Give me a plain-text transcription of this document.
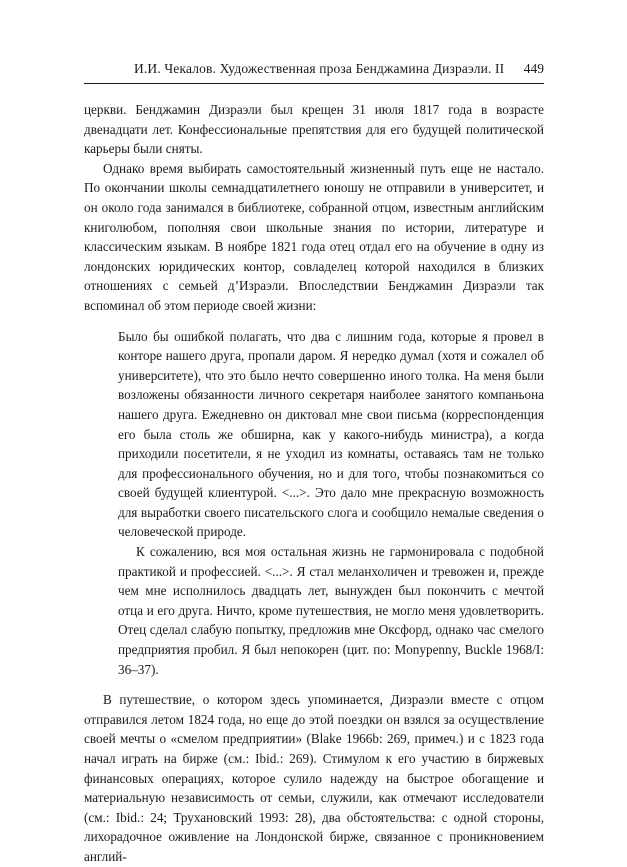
И.И. Чекалов. Художественная проза Бенджамина Дизраэли. II 449

церкви. Бенджамин Дизраэли был крещен 31 июля 1817 года в возрасте двенадцати лет. Конфессиональные препятствия для его будущей политической карьеры были сняты.

Однако время выбирать самостоятельный жизненный путь еще не настало. По окончании школы семнадцатилетнего юношу не отправили в университет, и он около года занимался в библиотеке, собранной отцом, известным английским книголюбом, пополняя свои школьные знания по истории, литературе и классическим языкам. В ноябре 1821 года отец отдал его на обучение в одну из лондонских юридических контор, совладелец которой находился в близких отношениях с семьей д’Израэли. Впоследствии Бенджамин Дизраэли так вспоминал об этом периоде своей жизни:

Было бы ошибкой полагать, что два с лишним года, которые я провел в конторе нашего друга, пропали даром. Я нередко думал (хотя и сожалел об университете), что это было нечто совершенно иного толка. На меня были возложены обязанности личного секретаря наиболее занятого компаньона нашего друга. Ежедневно он диктовал мне свои письма (корреспонденция его была столь же обширна, как у какого-нибудь министра), а когда приходили посетители, я не уходил из комнаты, оставаясь там не только для профессионального обучения, но и для того, чтобы познакомиться со своей будущей клиентурой. <...>. Это дало мне прекрасную возможность для выработки своего писательского слога и сообщило немалые сведения о человеческой природе.

К сожалению, вся моя остальная жизнь не гармонировала с подобной практикой и профессией. <...>. Я стал меланхоличен и тревожен и, прежде чем мне исполнилось двадцать лет, вынужден был покончить с мечтой отца и его друга. Ничто, кроме путешествия, не могло меня удовлетворить. Отец сделал слабую попытку, предложив мне Оксфорд, однако час смелого предприятия пробил. Я был непокорен (цит. по: Monypenny, Buckle 1968/I: 36–37).

В путешествие, о котором здесь упоминается, Дизраэли вместе с отцом отправился летом 1824 года, но еще до этой поездки он взялся за осуществление своей мечты о «смелом предприятии» (Blake 1966b: 269, примеч.) и с 1823 года начал играть на бирже (см.: Ibid.: 269). Стимулом к его участию в биржевых финансовых операциях, которое сулило надежду на быстрое обогащение и материальную независимость от семьи, служили, как отмечают исследователи (см.: Ibid.: 24; Трухановский 1993: 28), два обстоятельства: с одной стороны, лихорадочное оживление на Лондонской бирже, связанное с проникновением англий-
